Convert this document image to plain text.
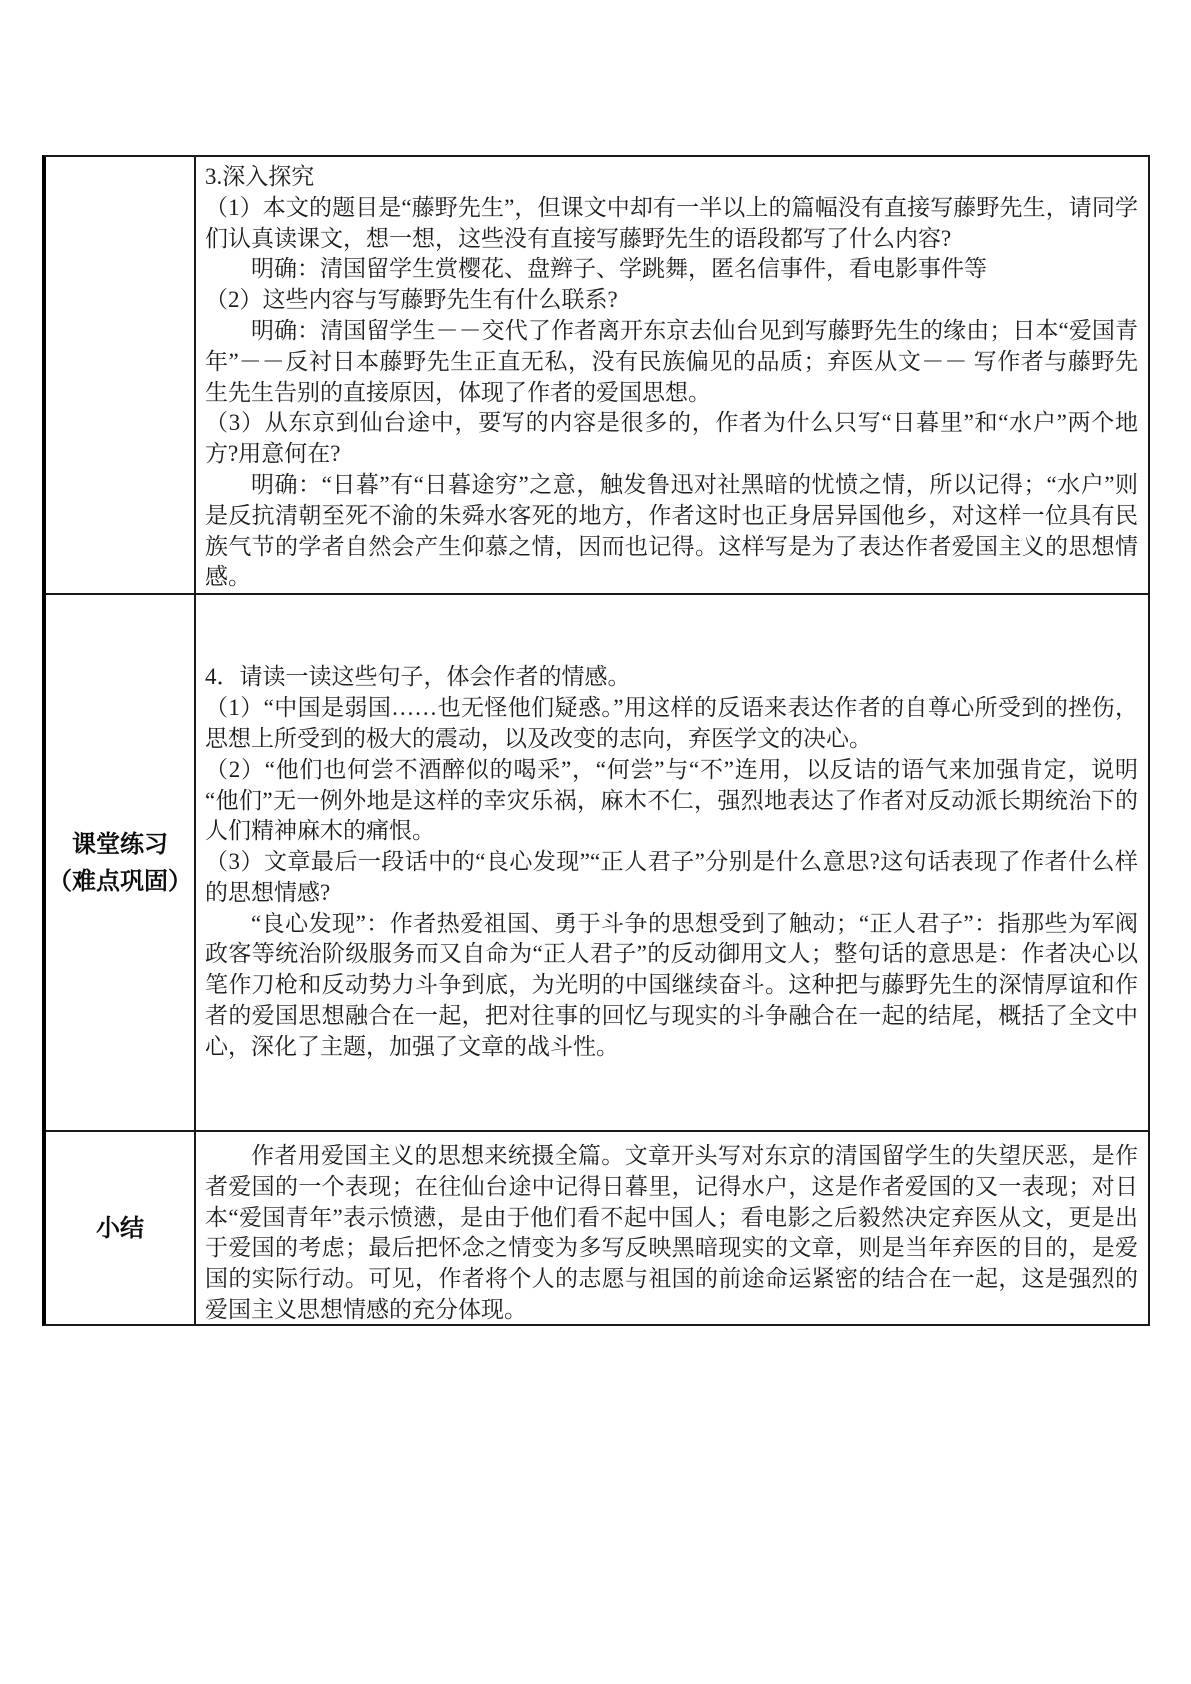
3.深入探究

（1）本文的题目是“藤野先生”，但课文中却有一半以上的篇幅没有直接写藤野先生，请同学们认真读课文，想一想，这些没有直接写藤野先生的语段都写了什么内容?

明确：清国留学生赏樱花、盘辫子、学跳舞，匿名信事件，看电影事件等

（2）这些内容与写藤野先生有什么联系?

明确：清国留学生－－交代了作者离开东京去仙台见到写藤野先生的缘由；日本“爱国青年”－－反衬日本藤野先生正直无私，没有民族偏见的品质；弃医从文－－ 写作者与藤野先生先生告别的直接原因，体现了作者的爱国思想。

（3）从东京到仙台途中，要写的内容是很多的，作者为什么只写“日暮里”和“水户”两个地方?用意何在?

明确：“日暮”有“日暮途穷”之意，触发鲁迅对社黑暗的忧愤之情，所以记得；“水户”则是反抗清朝至死不渝的朱舜水客死的地方，作者这时也正身居异国他乡，对这样一位具有民族气节的学者自然会产生仰慕之情，因而也记得。这样写是为了表达作者爱国主义的思想情感。

课堂练习
（难点巩固）

4．请读一读这些句子，体会作者的情感。

（1）“中国是弱国……也无怪他们疑惑。”用这样的反语来表达作者的自尊心所受到的挫伤，思想上所受到的极大的震动，以及改变的志向，弃医学文的决心。

（2）“他们也何尝不酒醉似的喝采”，“何尝”与“不”连用，以反诘的语气来加强肯定，说明“他们”无一例外地是这样的幸灾乐祸，麻木不仁，强烈地表达了作者对反动派长期统治下的人们精神麻木的痛恨。

（3）文章最后一段话中的“良心发现”“正人君子”分别是什么意思?这句话表现了作者什么样的思想情感?

“良心发现”：作者热爱祖国、勇于斗争的思想受到了触动；“正人君子”：指那些为军阀政客等统治阶级服务而又自命为“正人君子”的反动御用文人；整句话的意思是：作者决心以笔作刀枪和反动势力斗争到底，为光明的中国继续奋斗。这种把与藤野先生的深情厚谊和作者的爱国思想融合在一起，把对往事的回忆与现实的斗争融合在一起的结尾，概括了全文中心，深化了主题，加强了文章的战斗性。

小结

作者用爱国主义的思想来统摄全篇。文章开头写对东京的清国留学生的失望厌恶，是作者爱国的一个表现；在往仙台途中记得日暮里，记得水户，这是作者爱国的又一表现；对日本“爱国青年”表示愤懑，是由于他们看不起中国人；看电影之后毅然决定弃医从文，更是出于爱国的考虑；最后把怀念之情变为多写反映黑暗现实的文章，则是当年弃医的目的，是爱国的实际行动。可见，作者将个人的志愿与祖国的前途命运紧密的结合在一起，这是强烈的爱国主义思想情感的充分体现。
